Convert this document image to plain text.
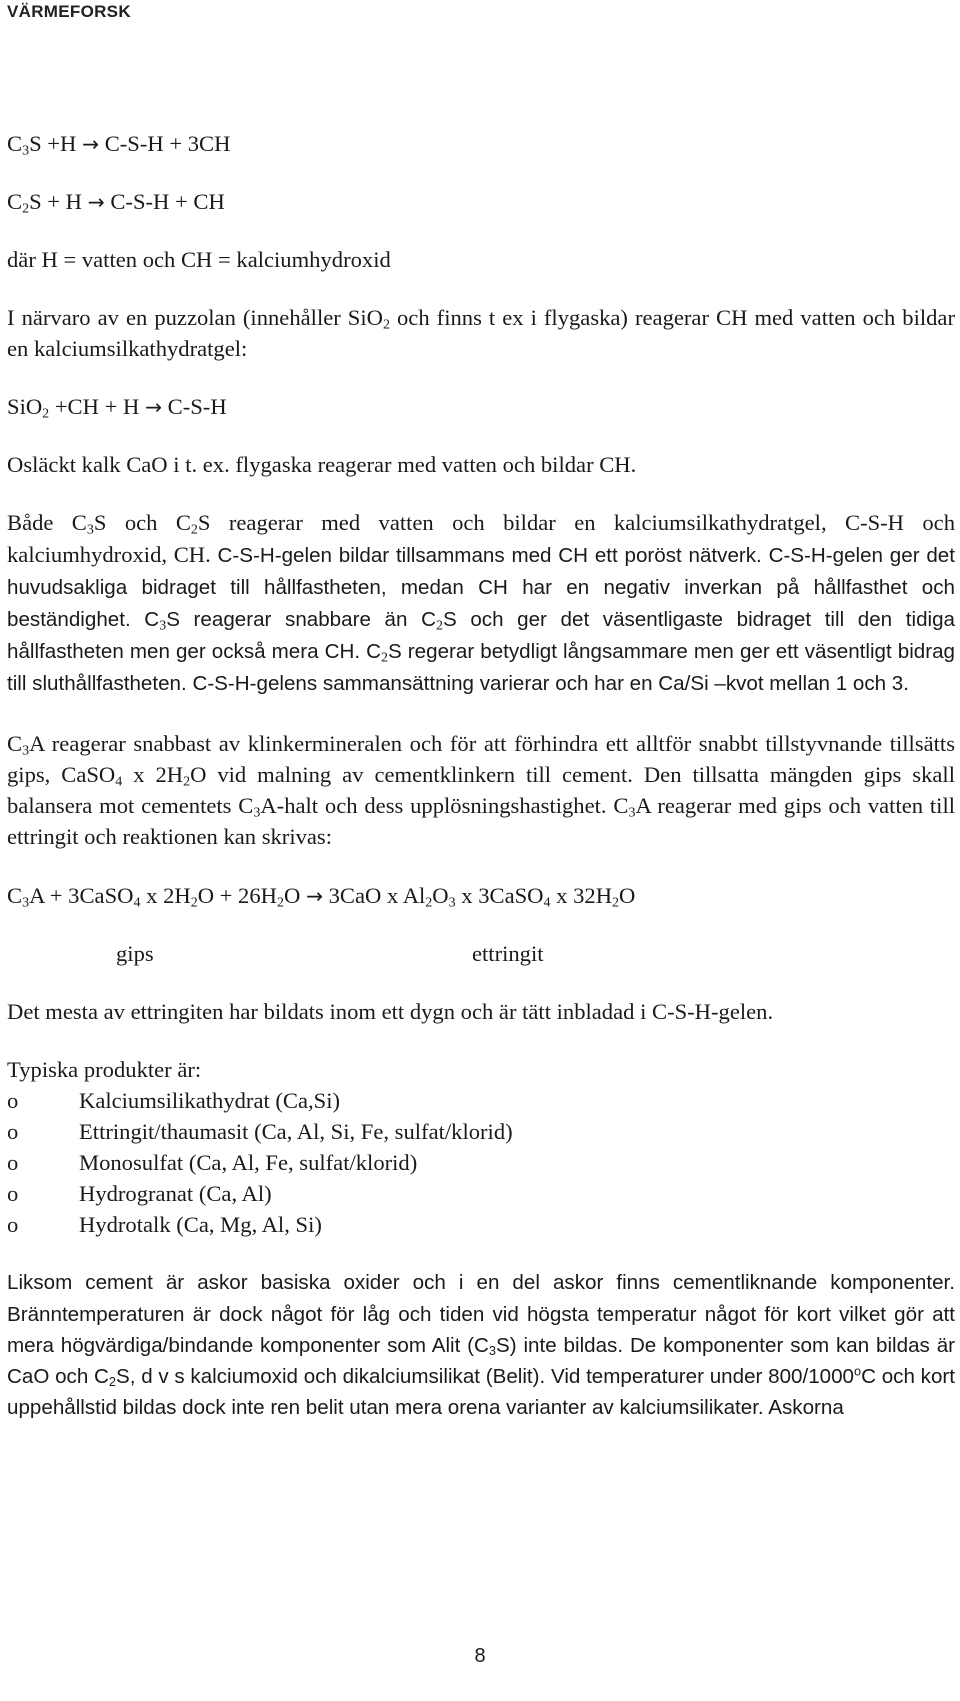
VÄRMEFORSK
$C_3S +H \to C-S-H + 3CH$
$C_2S + H \to C-S-H$ + CH
där H = vatten och CH = kalciumhydroxid

I närvaro av en puzzolan (innehåller SiO$_2$ och finns t ex i flygaska) reagerar CH med vatten och bildar en kalciumsilkathydratgel:

SiO$_2$ +CH + H → C-S-H
Osläckt kalk CaO i t. ex. flygaska reagerar med vatten och bildar CH.

Både $C_3S$ och $C_2S$ reagerar med vatten och bildar en kalciumsilkathydratgel, C-S-H och kalciumhydroxid, CH. C-S-H-gelen bildar tillsammans med CH ett poröst nätverk. C-S-H-gelen ger det huvudsakliga bidraget till hållfastheten, medan CH har en negativ inverkan på hållfasthet och beständighet. $C_3S$ reagerar snabbare än $C_2S$ och ger det väsentligaste bidraget till den tidiga hållfastheten men ger också mera CH. $C_2S$ regerar betydligt långsammare men ger ett väsentligt bidrag till sluthållfastheten. C-S-H-gelens sammansättning varierar och har en Ca/Si –kvot mellan 1 och 3.

$C_3A$ reagerar snabbast av klinkermineralen och för att förhindra ett alltför snabbt tillstyvnande tillsätts gips, CaSO$_4$ x $2H_2O$ vid malning av cementklinkern till cement. Den tillsatta mängden gips skall balansera mot cementets $C_3A$-halt och dess upplösningshastighet. $C_3A$ reagerar med gips och vatten till ettringit och reaktionen kan skrivas:

$C_3A$ + 3CaSO$_4$ x $2H_2O + 26H_2O \to 3CaO$ x $Al_2O_3$ x 3CaSO$_4$ x $32H_2O$
gips	ettringit
Det mesta av ettringiten har bildats inom ett dygn och är tätt inbladad i C-S-H-gelen.
Typiska produkter är:
o	Kalciumsilikathydrat (Ca,Si)
o	Ettringit/thaumasit (Ca, Al, Si, Fe, sulfat/klorid)
o	Monosulfat (Ca, Al, Fe, sulfat/klorid)
o	Hydrogranat (Ca, Al)
o	Hydrotalk (Ca, Mg, Al, Si)

Liksom cement är askor basiska oxider och i en del askor finns cementliknande komponenter. Bränntemperaturen är dock något för låg och tiden vid högsta temperatur något för kort vilket gör att mera högvärdiga/bindande komponenter som Alit $(C_3S)$ inte bildas. De komponenter som kan bildas är CaO och $C_2S$, d v s kalciumoxid och dikalciumsilikat (Belit). Vid temperaturer under 800/1000$^o$C och kort uppehållstid bildas dock inte ren belit utan mera orena varianter av kalciumsilikater. Askorna

8
